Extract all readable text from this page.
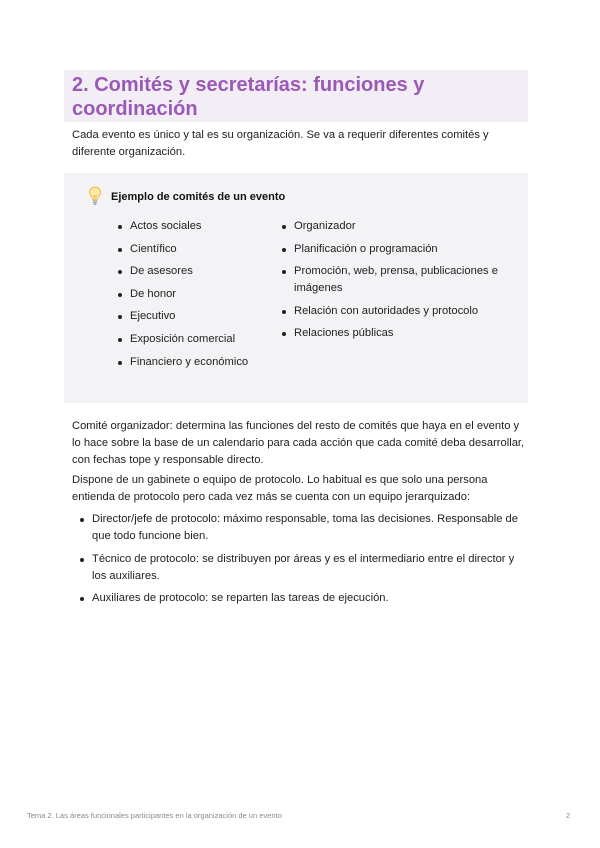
2. Comités y secretarías: funciones y coordinación

Cada evento es único y tal es su organización. Se va a requerir diferentes comités y diferente organización.

Ejemplo de comités de un evento
Actos sociales
Científico
De asesores
De honor
Ejecutivo
Exposición comercial
Financiero y económico
Organizador
Planificación o programación
Promoción, web, prensa, publicaciones e imágenes
Relación con autoridades y protocolo
Relaciones públicas

Comité organizador: determina las funciones del resto de comités que haya en el evento y lo hace sobre la base de un calendario para cada acción que cada comité deba desarrollar, con fechas tope y responsable directo.

Dispone de un gabinete o equipo de protocolo. Lo habitual es que solo una persona entienda de protocolo pero cada vez más se cuenta con un equipo jerarquizado:

Director/jefe de protocolo: máximo responsable, toma las decisiones. Responsable de que todo funcione bien.
Técnico de protocolo: se distribuyen por áreas y es el intermediario entre el director y los auxiliares.
Auxiliares de protocolo: se reparten las tareas de ejecución.
Tema 2. Las áreas funcionales participantes en la organización de un evento	2
